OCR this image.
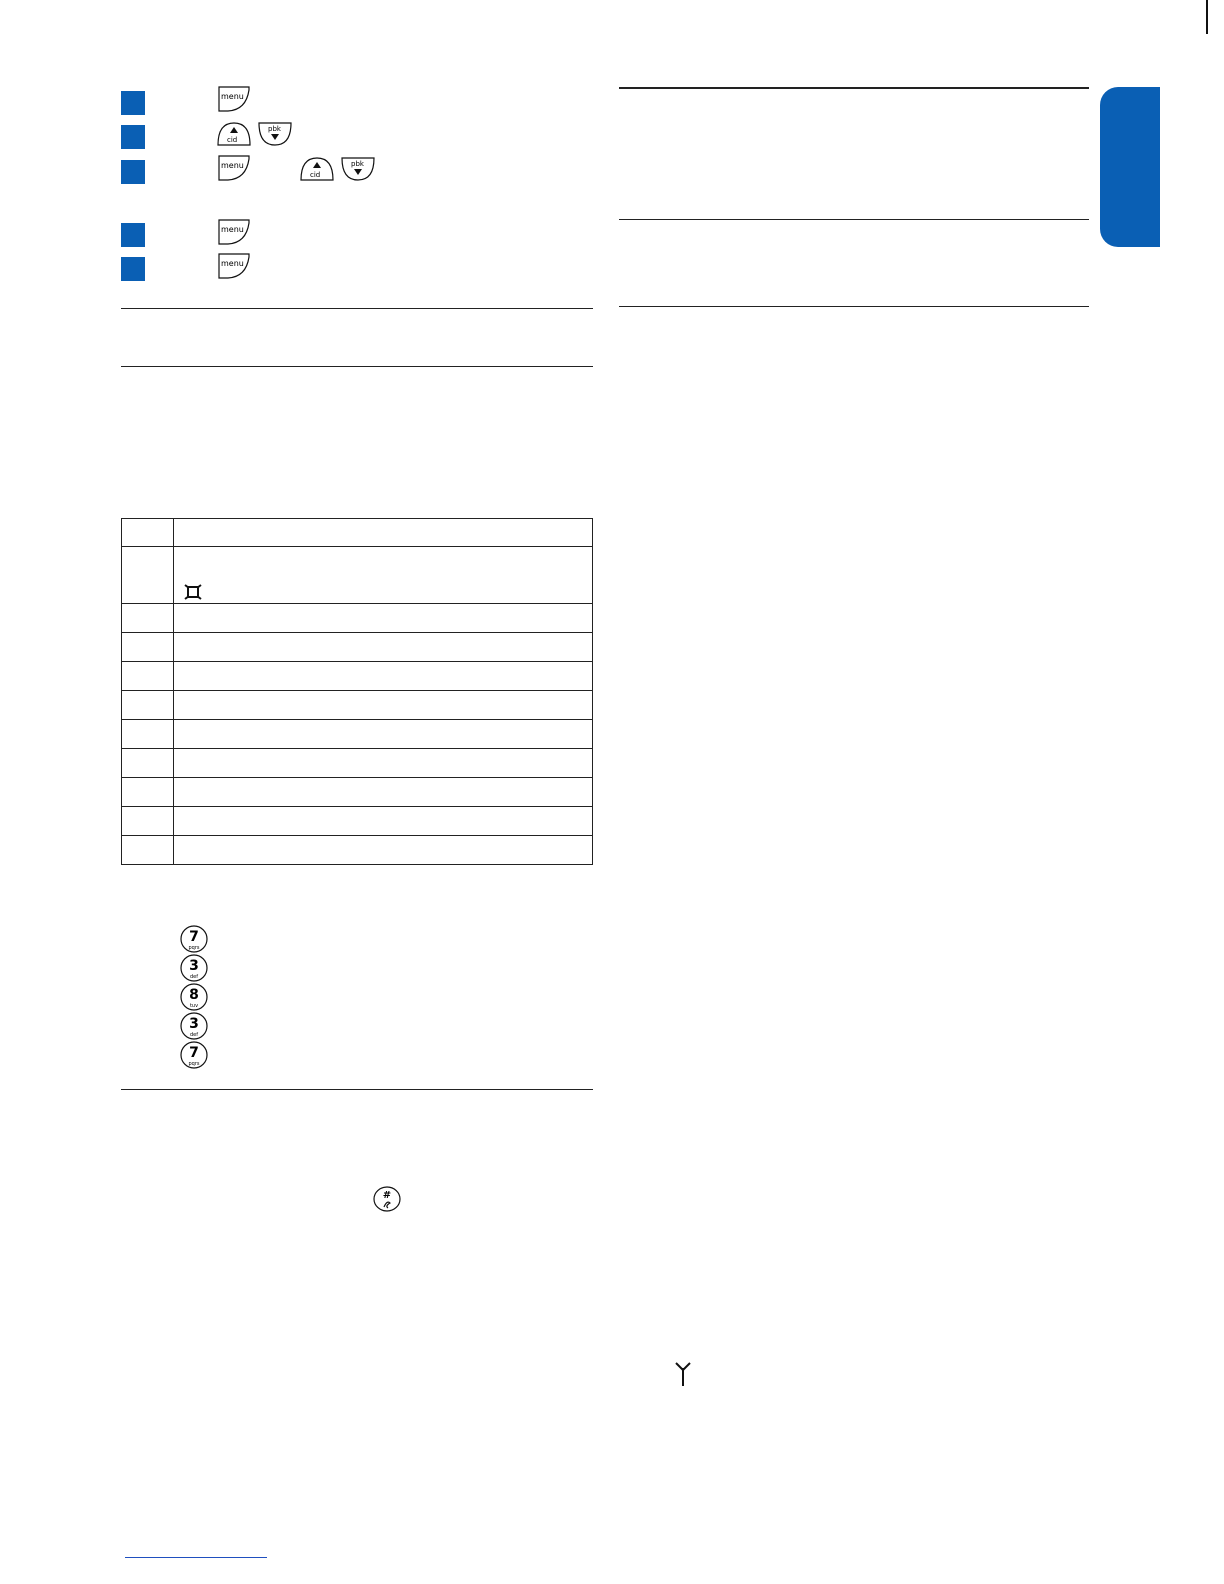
menu
menu
menu
menu
cid
pbk
cid
pbk

7
pqrs
3
def
8
tuv
3
def
7
pqrs
#
